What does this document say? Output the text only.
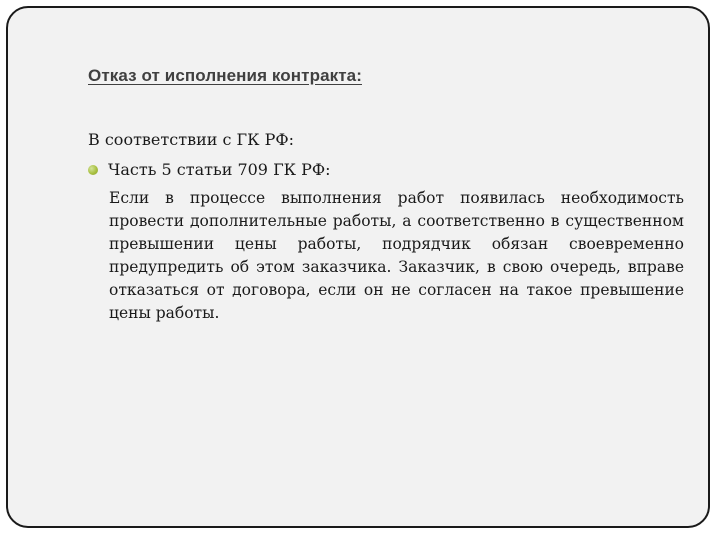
Отказ от исполнения контракта:

В соответствии с ГК РФ:

Часть 5 статьи 709 ГК РФ:

Если в процессе выполнения работ появилась необходимость провести дополнительные работы, а соответственно в существенном превышении цены работы, подрядчик обязан своевременно предупредить об этом заказчика. Заказчик, в свою очередь, вправе отказаться от договора, если он не согласен на такое превышение цены работы.
